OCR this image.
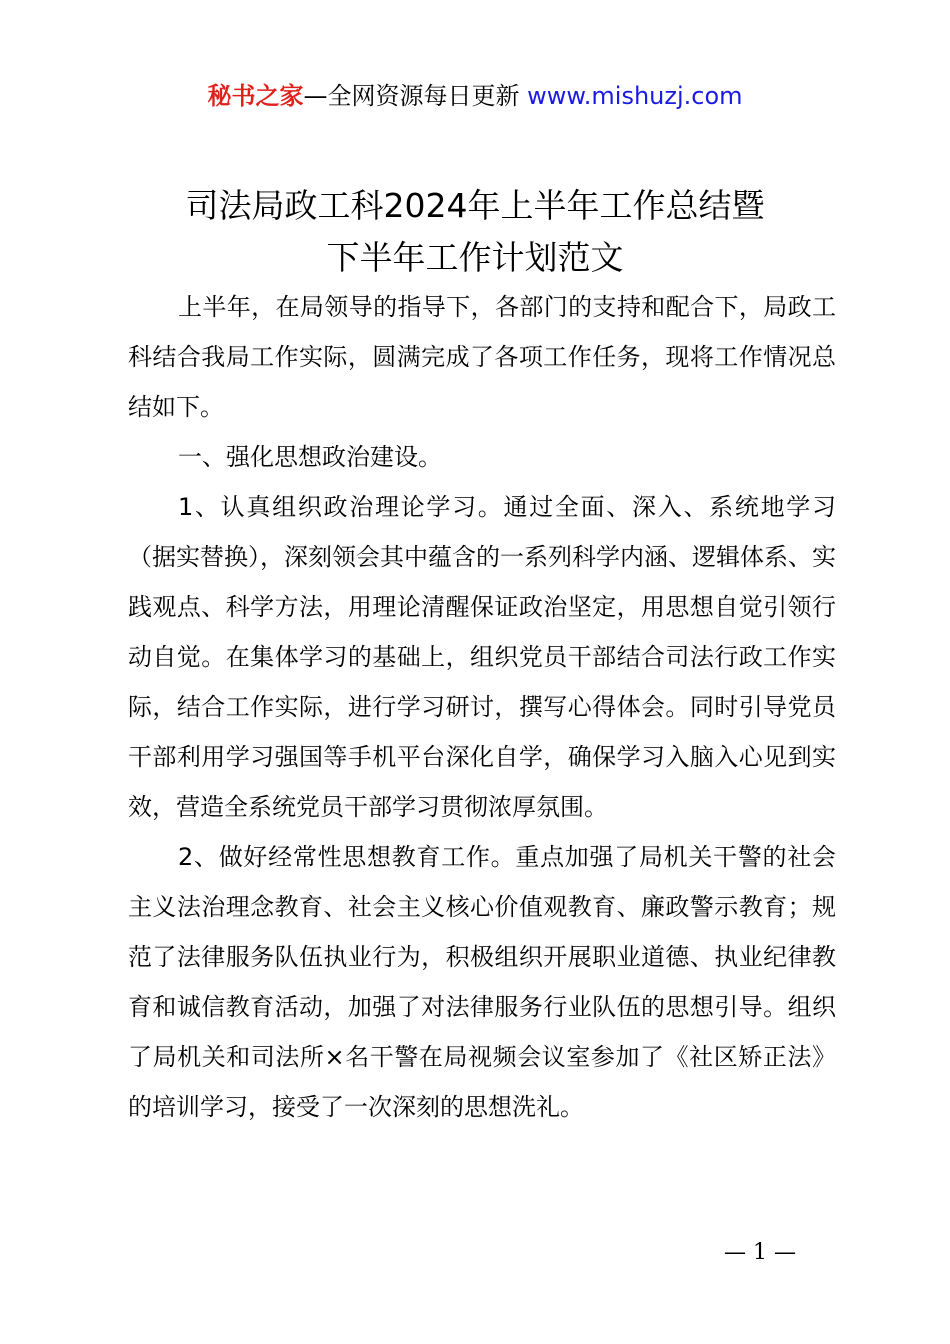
秘书之家—全网资源每日更新 www.mishuzj.com
司法局政工科2024年上半年工作总结暨
下半年工作计划范文

上半年，在局领导的指导下，各部门的支持和配合下，局政工科结合我局工作实际，圆满完成了各项工作任务，现将工作情况总结如下。

一、强化思想政治建设。

1、认真组织政治理论学习。通过全面、深入、系统地学习（据实替换），深刻领会其中蕴含的一系列科学内涵、逻辑体系、实践观点、科学方法，用理论清醒保证政治坚定，用思想自觉引领行动自觉。在集体学习的基础上，组织党员干部结合司法行政工作实际，结合工作实际，进行学习研讨，撰写心得体会。同时引导党员干部利用学习强国等手机平台深化自学，确保学习入脑入心见到实效，营造全系统党员干部学习贯彻浓厚氛围。

2、做好经常性思想教育工作。重点加强了局机关干警的社会主义法治理念教育、社会主义核心价值观教育、廉政警示教育；规范了法律服务队伍执业行为，积极组织开展职业道德、执业纪律教育和诚信教育活动，加强了对法律服务行业队伍的思想引导。组织了局机关和司法所×名干警在局视频会议室参加了《社区矫正法》的培训学习，接受了一次深刻的思想洗礼。

— 1 —
